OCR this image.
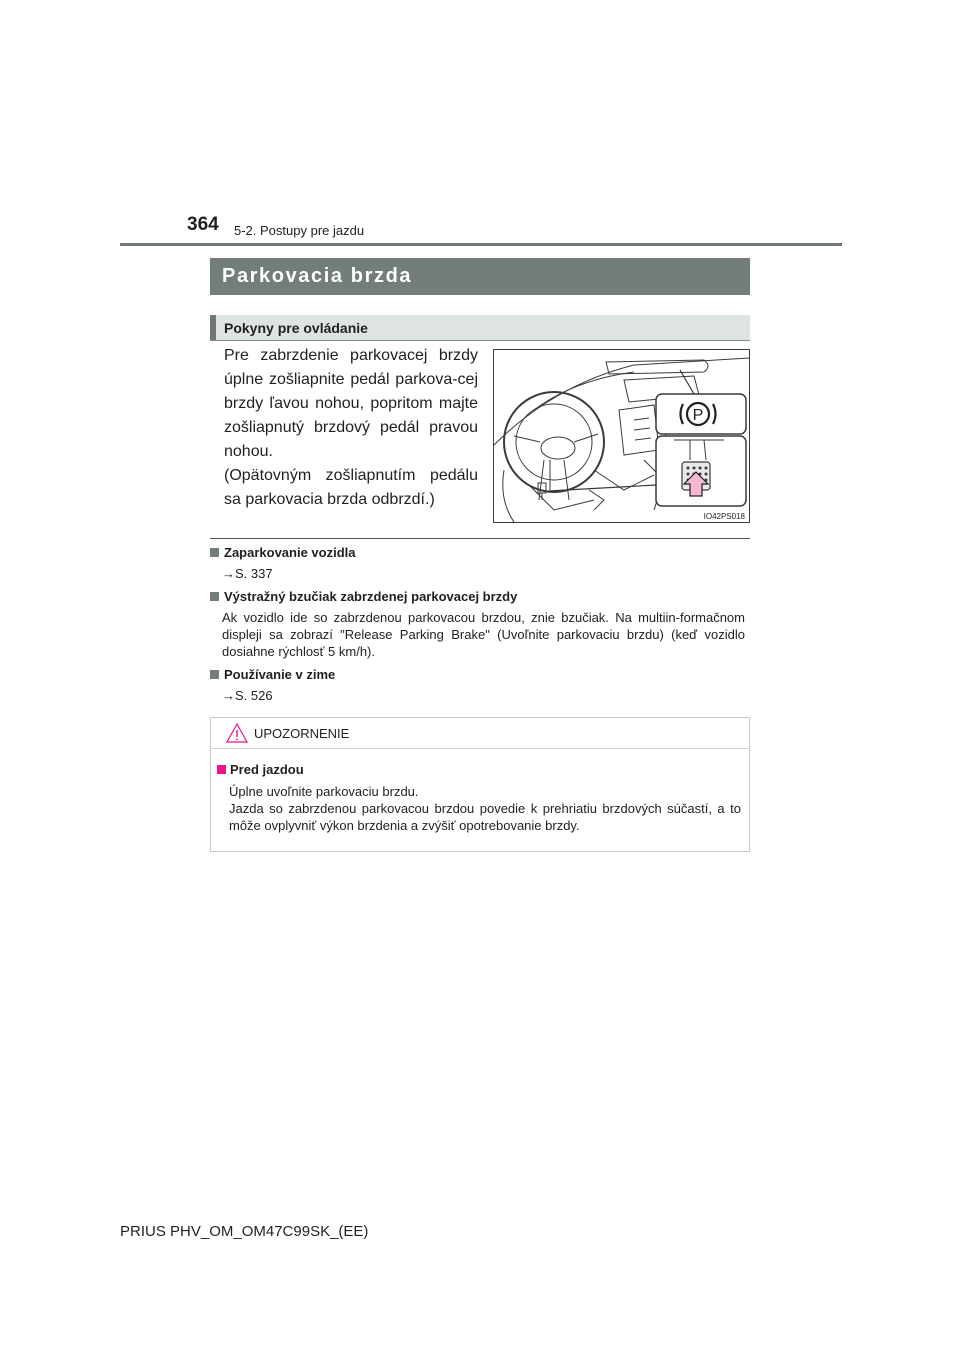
364 5-2. Postupy pre jazdu
Parkovacia brzda
Pokyny pre ovládanie

Pre zabrzdenie parkovacej brzdy úplne zošliapnite pedál parkova-cej brzdy ľavou nohou, popritom majte zošliapnutý brzdový pedál pravou nohou.

(Opätovným zošliapnutím pedálu sa parkovacia brzda odbrzdí.)

P
IO42PS018
Zaparkovanie vozidla
→S. 337
Výstražný bzučiak zabrzdenej parkovacej brzdy
Ak vozidlo ide so zabrzdenou parkovacou brzdou, znie bzučiak. Na multiin-formačnom displeji sa zobrazí "Release Parking Brake" (Uvoľnite parkovaciu brzdu) (keď vozidlo dosiahne rýchlosť 5 km/h).
Používanie v zime
→S. 526
UPOZORNENIE
Pred jazdou

Úplne uvoľnite parkovaciu brzdu.

Jazda so zabrzdenou parkovacou brzdou povedie k prehriatiu brzdových súčastí, a to môže ovplyvniť výkon brzdenia a zvýšiť opotrebovanie brzdy.

PRIUS PHV_OM_OM47C99SK_(EE)
